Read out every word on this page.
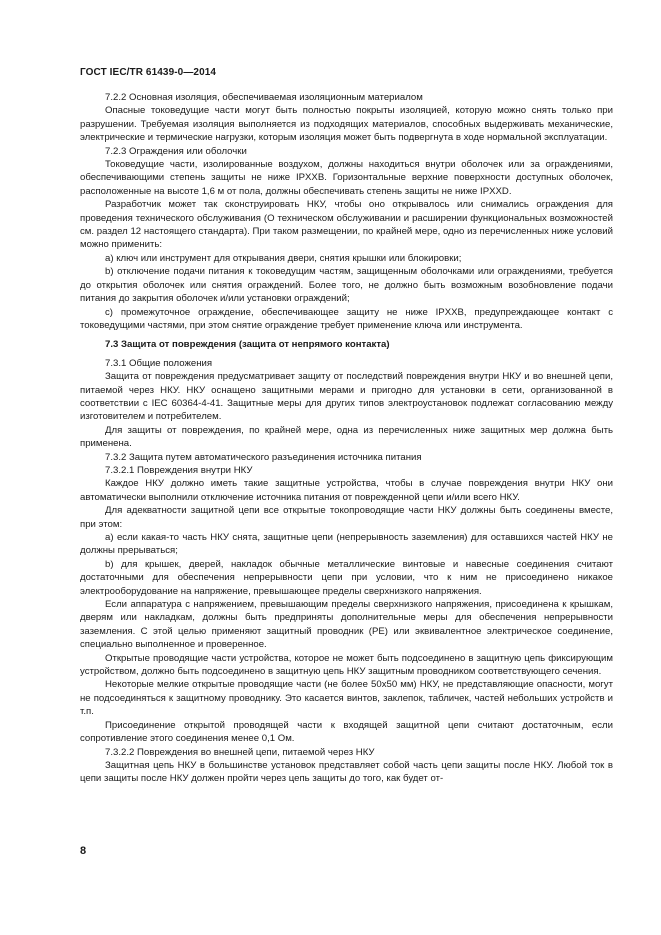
ГОСТ IEC/TR 61439-0—2014

7.2.2 Основная изоляция, обеспечиваемая изоляционным материалом

Опасные токоведущие части могут быть полностью покрыты изоляцией, которую можно снять только при разрушении. Требуемая изоляция выполняется из подходящих материалов, способных выдерживать механические, электрические и термические нагрузки, которым изоляция может быть подвергнута в ходе нормальной эксплуатации.

7.2.3 Ограждения или оболочки

Токоведущие части, изолированные воздухом, должны находиться внутри оболочек или за ограждениями, обеспечивающими степень защиты не ниже IPXXB. Горизонтальные верхние поверхности доступных оболочек, расположенные на высоте 1,6 м от пола, должны обеспечивать степень защиты не ниже IPXXD.

Разработчик может так сконструировать НКУ, чтобы оно открывалось или снимались ограждения для проведения технического обслуживания (О техническом обслуживании и расширении функциональных возможностей см. раздел 12 настоящего стандарта). При таком размещении, по крайней мере, одно из перечисленных ниже условий можно применить:

a) ключ или инструмент для открывания двери, снятия крышки или блокировки;

b) отключение подачи питания к токоведущим частям, защищенным оболочками или ограждениями, требуется до открытия оболочек или снятия ограждений. Более того, не должно быть возможным возобновление подачи питания до закрытия оболочек и/или установки ограждений;

c) промежуточное ограждение, обеспечивающее защиту не ниже IPXXB, предупреждающее контакт с токоведущими частями, при этом снятие ограждение требует применение ключа или инструмента.

7.3 Защита от повреждения (защита от непрямого контакта)

7.3.1 Общие положения

Защита от повреждения предусматривает защиту от последствий повреждения внутри НКУ и во внешней цепи, питаемой через НКУ. НКУ оснащено защитными мерами и пригодно для установки в сети, организованной в соответствии с IEC 60364-4-41. Защитные меры для других типов электроустановок подлежат согласованию между изготовителем и потребителем.

Для защиты от повреждения, по крайней мере, одна из перечисленных ниже защитных мер должна быть применена.

7.3.2 Защита путем автоматического разъединения источника питания

7.3.2.1 Повреждения внутри НКУ

Каждое НКУ должно иметь такие защитные устройства, чтобы в случае повреждения внутри НКУ они автоматически выполнили отключение источника питания от поврежденной цепи и/или всего НКУ.

Для адекватности защитной цепи все открытые токопроводящие части НКУ должны быть соединены вместе, при этом:

a) если какая-то часть НКУ снята, защитные цепи (непрерывность заземления) для оставшихся частей НКУ не должны прерываться;

b) для крышек, дверей, накладок обычные металлические винтовые и навесные соединения считают достаточными для обеспечения непрерывности цепи при условии, что к ним не присоединено никакое электрооборудование на напряжение, превышающее пределы сверхнизкого напряжения.

Если аппаратура с напряжением, превышающим пределы сверхнизкого напряжения, присоединена к крышкам, дверям или накладкам, должны быть предприняты дополнительные меры для обеспечения непрерывности заземления. С этой целью применяют защитный проводник (PE) или эквивалентное электрическое соединение, специально выполненное и проверенное.

Открытые проводящие части устройства, которое не может быть подсоединено в защитную цепь фиксирующим устройством, должно быть подсоединено в защитную цепь НКУ защитным проводником соответствующего сечения.

Некоторые мелкие открытые проводящие части (не более 50x50 мм) НКУ, не представляющие опасности, могут не подсоединяться к защитному проводнику. Это касается винтов, заклепок, табличек, частей небольших устройств и т.п.

Присоединение открытой проводящей части к входящей защитной цепи считают достаточным, если сопротивление этого соединения менее 0,1 Ом.

7.3.2.2 Повреждения во внешней цепи, питаемой через НКУ

Защитная цепь НКУ в большинстве установок представляет собой часть цепи защиты после НКУ. Любой ток в цепи защиты после НКУ должен пройти через цепь защиты до того, как будет от-

8
